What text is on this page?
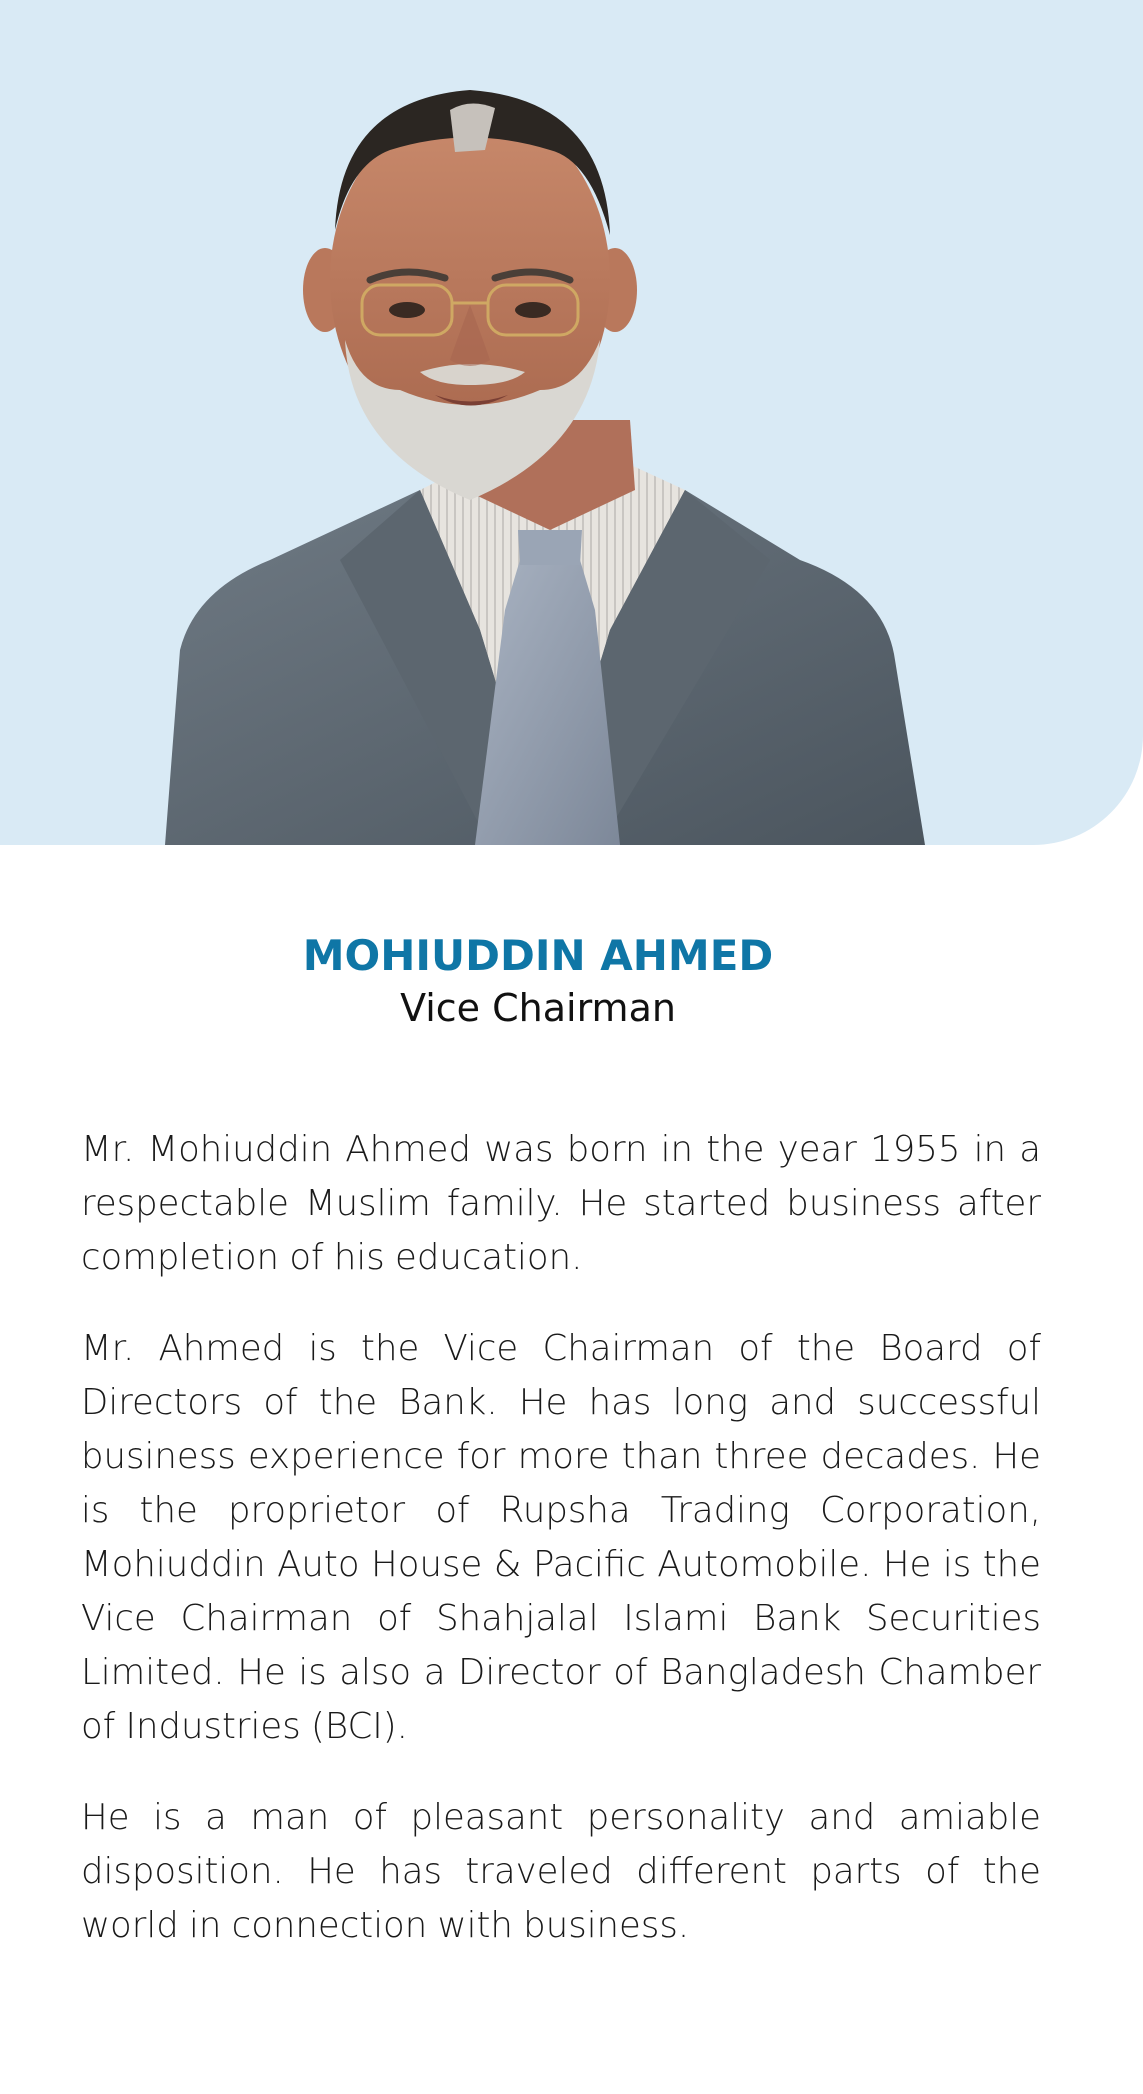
MOHIUDDIN AHMED
Vice Chairman

Mr. Mohiuddin Ahmed was born in the year 1955 in a respectable Muslim family. He started business after completion of his education.

Mr. Ahmed is the Vice Chairman of the Board of Directors of the Bank. He has long and successful business experience for more than three decades. He is the proprietor of Rupsha Trading Corporation, Mohiuddin Auto House & Pacific Automobile. He is the Vice Chairman of Shahjalal Islami Bank Securities Limited. He is also a Director of Bangladesh Chamber of Industries (BCI).

He is a man of pleasant personality and amiable disposition. He has traveled different parts of the world in connection with business.
